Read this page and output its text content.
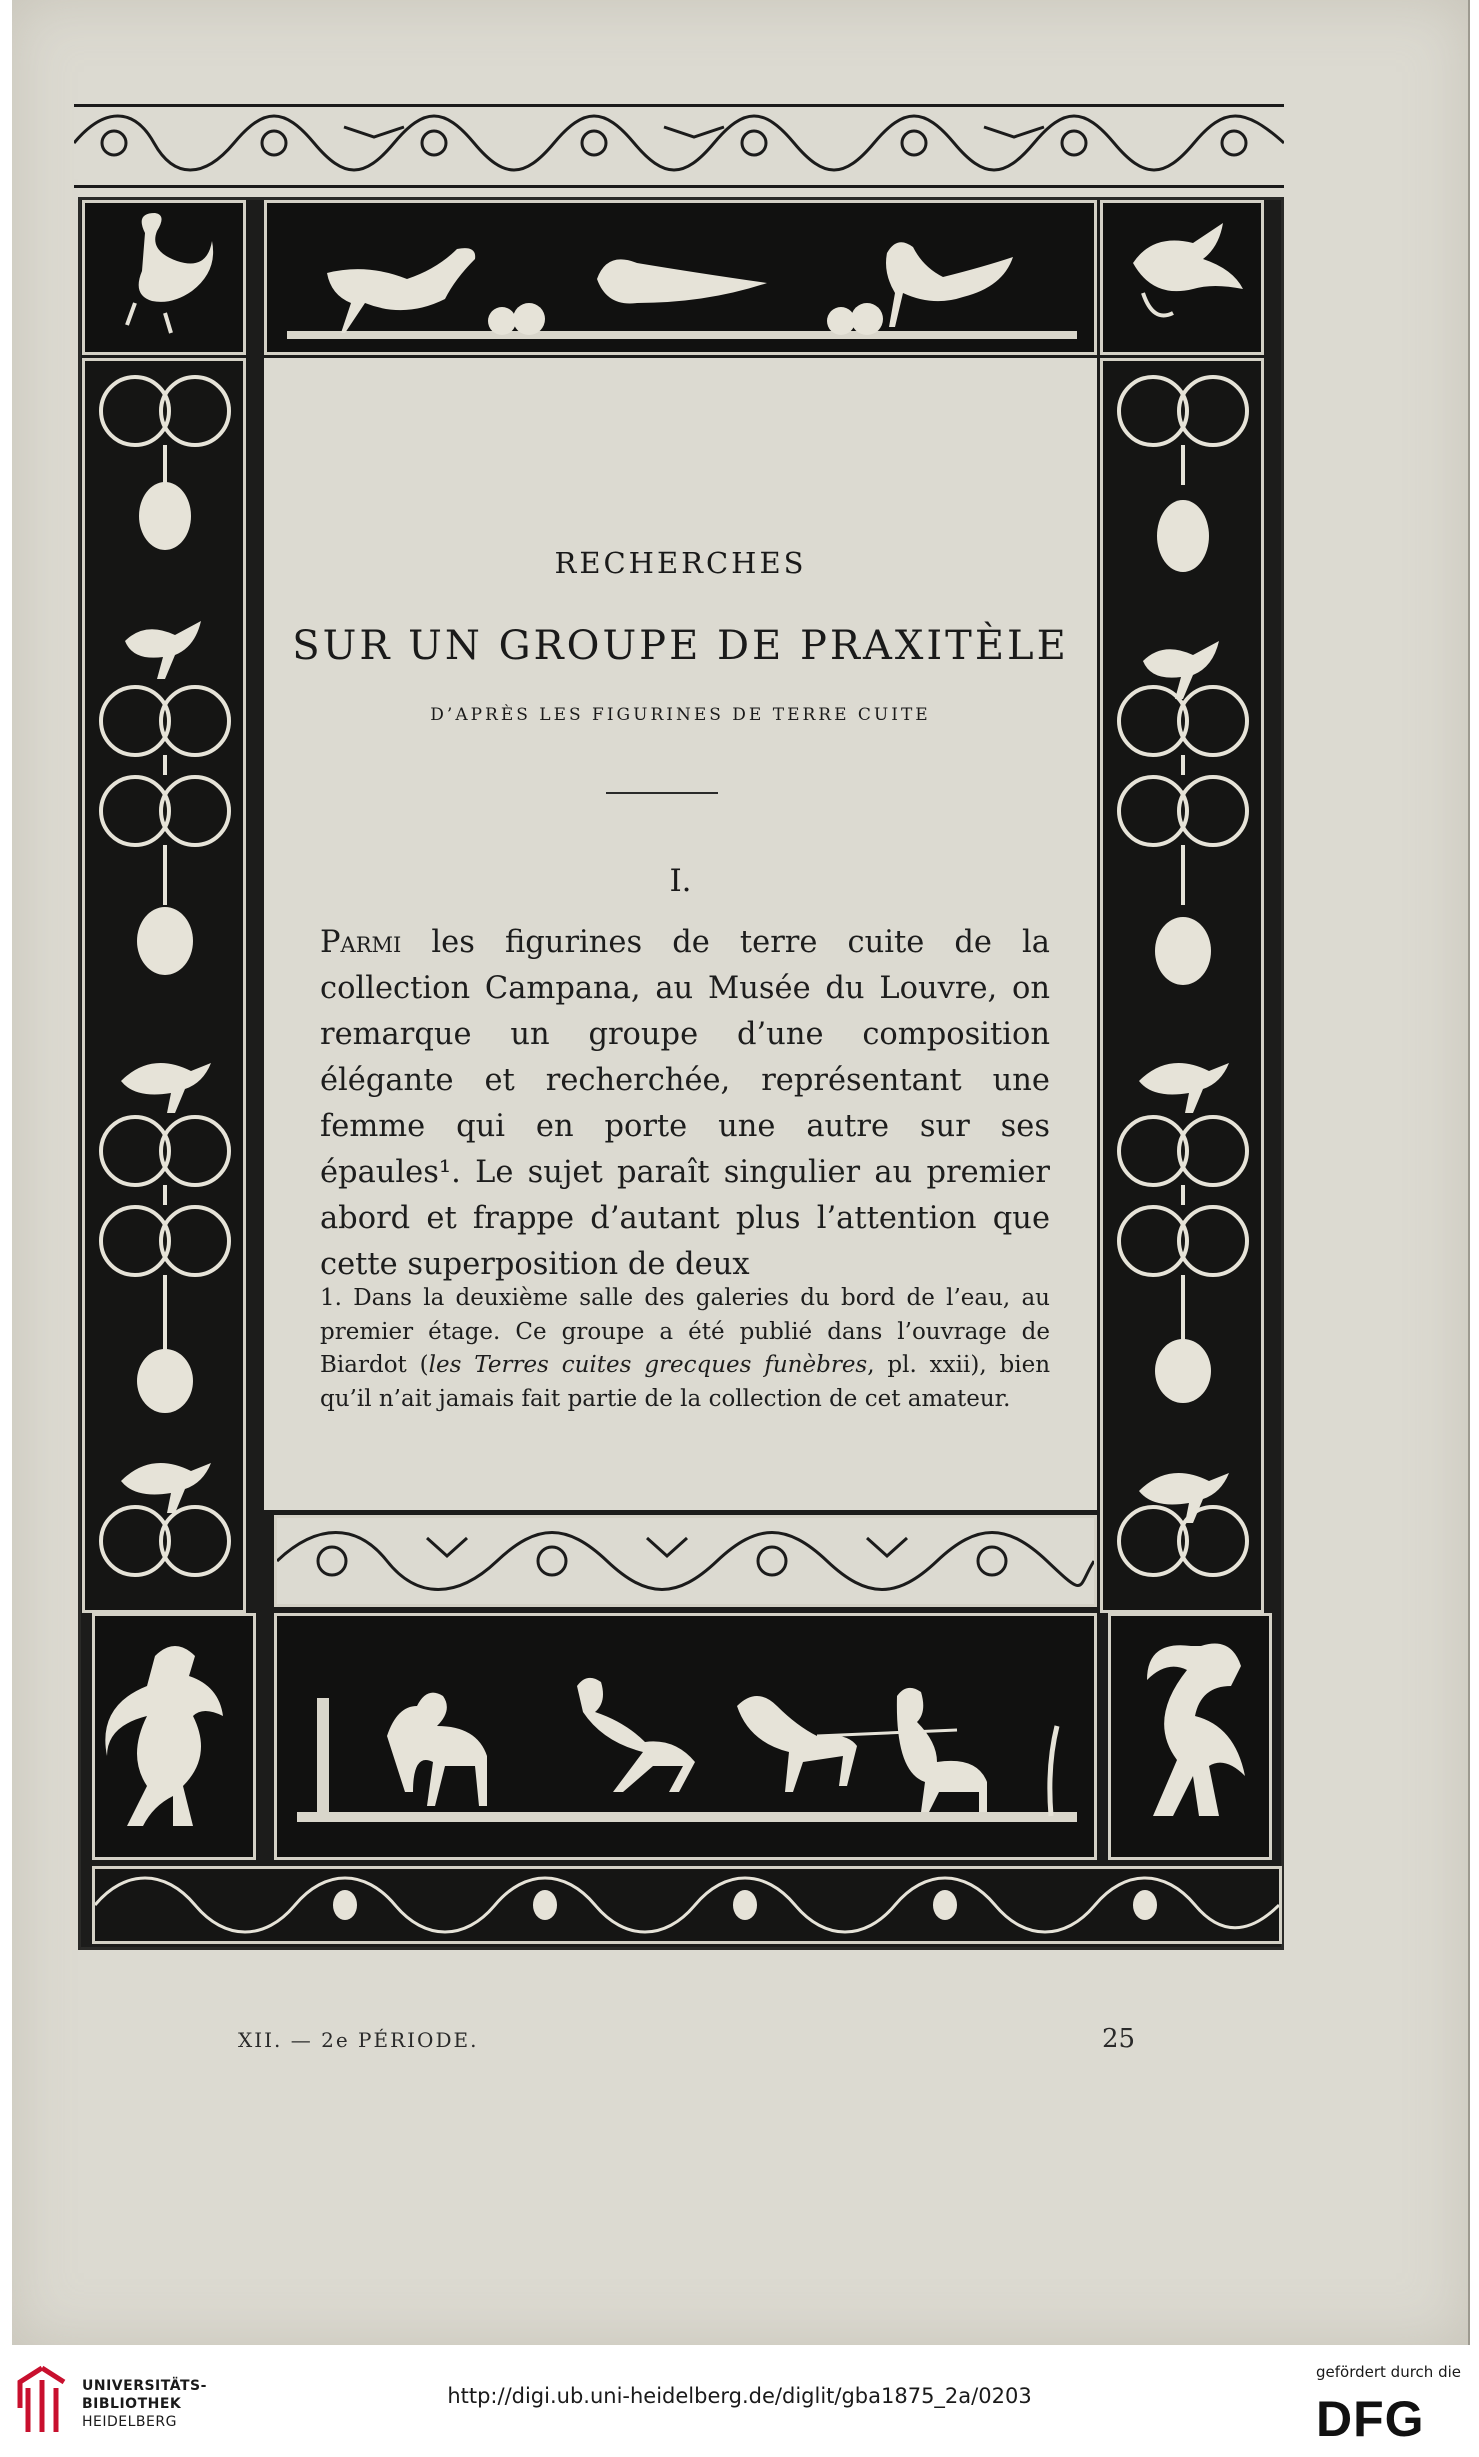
RECHERCHES
SUR UN GROUPE DE PRAXITÈLE
D’APRÈS LES FIGURINES DE TERRE CUITE
I.
Parmi les figurines de terre cuite de la collection Campana, au Musée du Louvre, on remarque un groupe d’une composition élégante et recherchée, représentant une femme qui en porte une autre sur ses épaules¹. Le sujet paraît singulier au premier abord et frappe d’autant plus l’attention que cette superposition de deux
1. Dans la deuxième salle des galeries du bord de l’eau, au premier étage. Ce groupe a été publié dans l’ouvrage de Biardot (les Terres cuites grecques funèbres, pl. xxii), bien qu’il n’ait jamais fait partie de la collection de cet amateur.
XII. — 2e PÉRIODE.	25
UNIVERSITÄTS-
BIBLIOTHEK
HEIDELBERG
http://digi.ub.uni-heidelberg.de/diglit/gba1875_2a/0203
gefördert durch die
DFG
